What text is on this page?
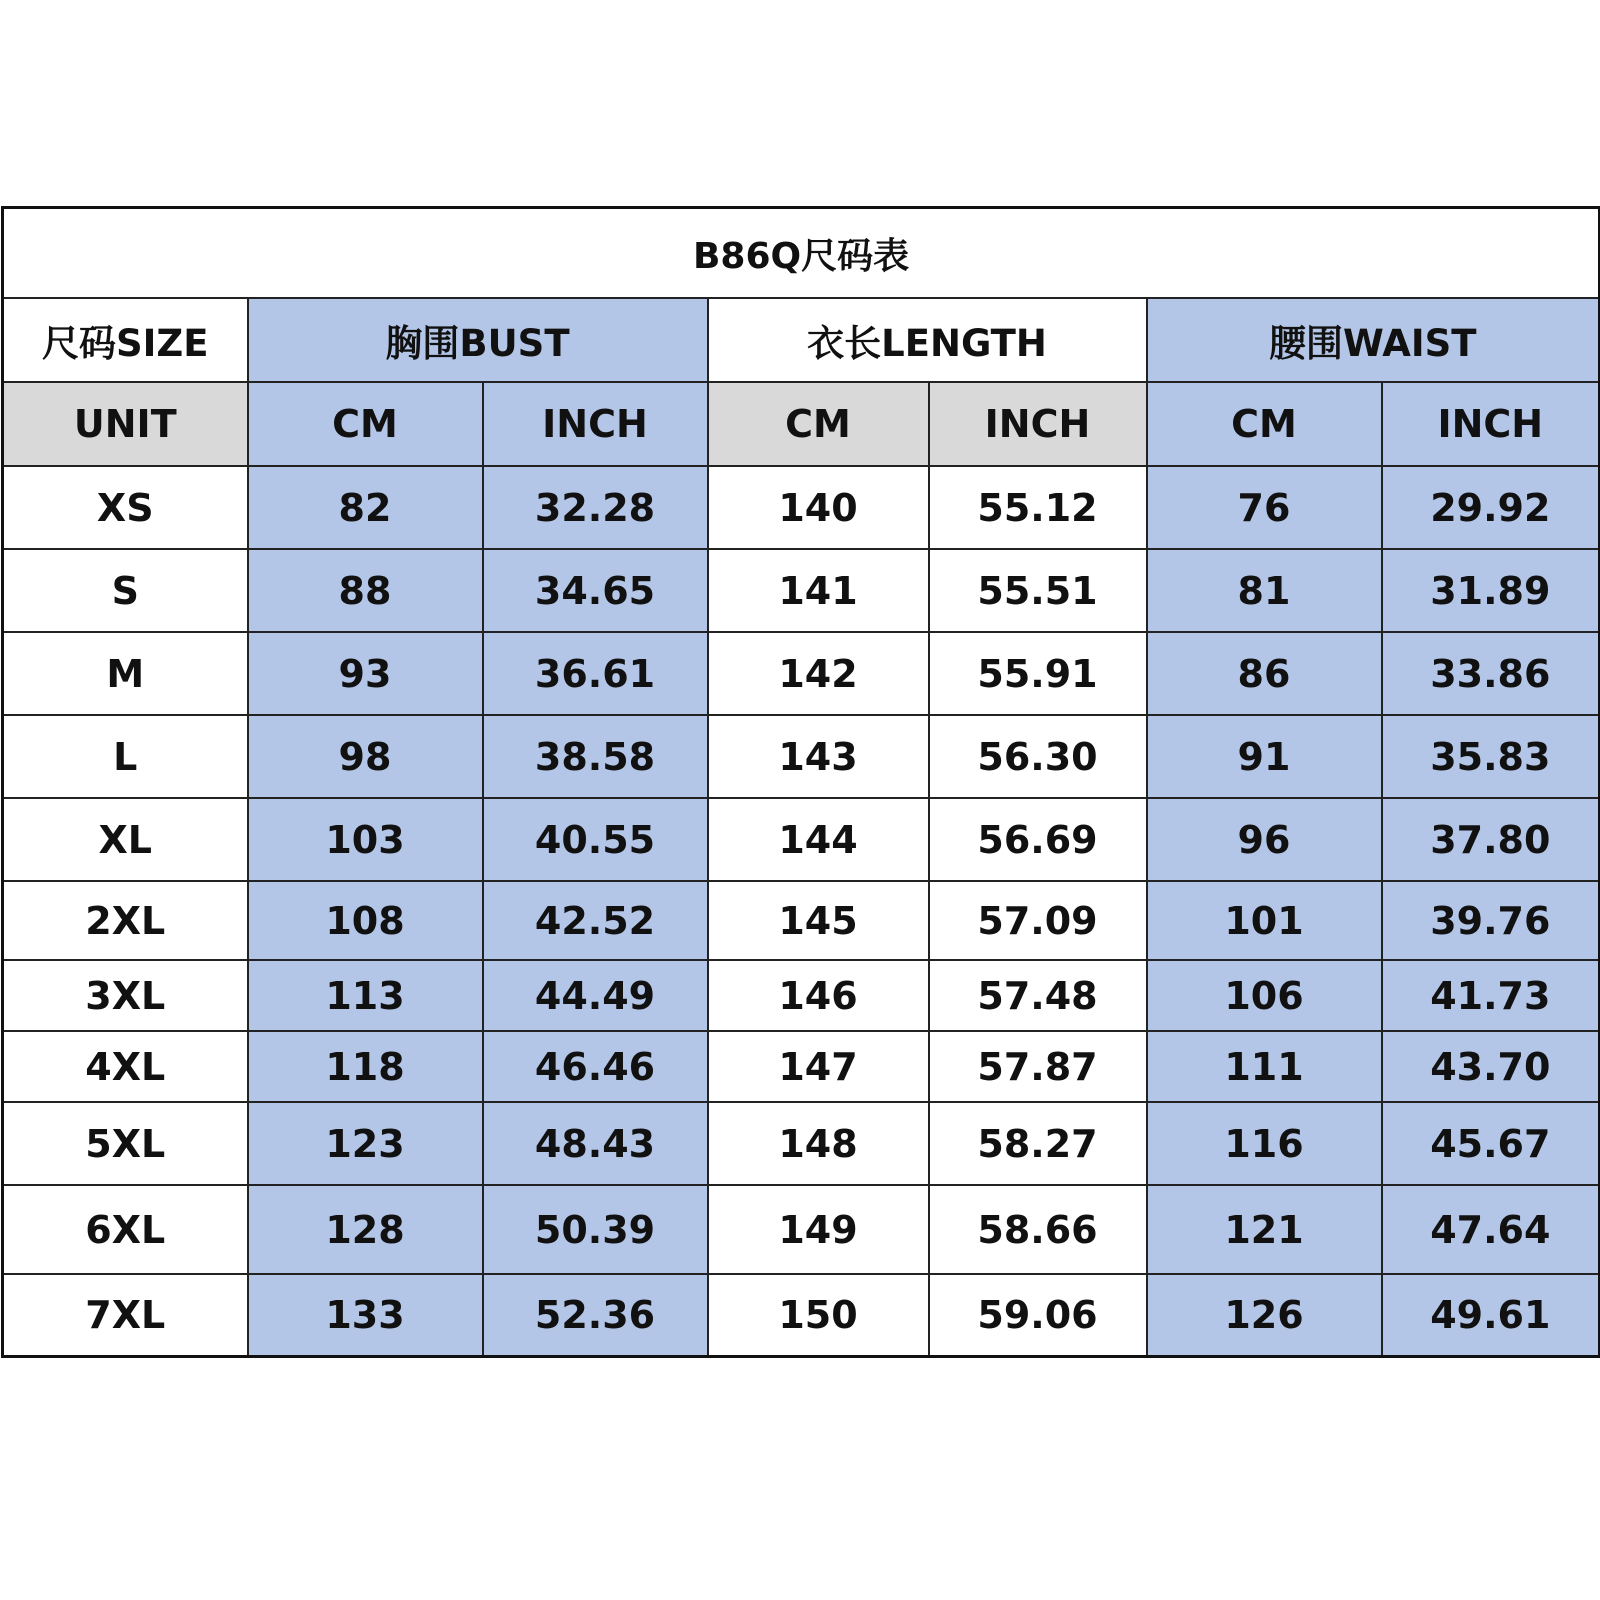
B86Q尺码表						
尺码SIZE	胸围BUST		衣长LENGTH		腰围WAIST	
UNIT	CM	INCH	CM	INCH	CM	INCH
XS	82	32.28	140	55.12	76	29.92
S	88	34.65	141	55.51	81	31.89
M	93	36.61	142	55.91	86	33.86
L	98	38.58	143	56.30	91	35.83
XL	103	40.55	144	56.69	96	37.80
2XL	108	42.52	145	57.09	101	39.76
3XL	113	44.49	146	57.48	106	41.73
4XL	118	46.46	147	57.87	111	43.70
5XL	123	48.43	148	58.27	116	45.67
6XL	128	50.39	149	58.66	121	47.64
7XL	133	52.36	150	59.06	126	49.61
